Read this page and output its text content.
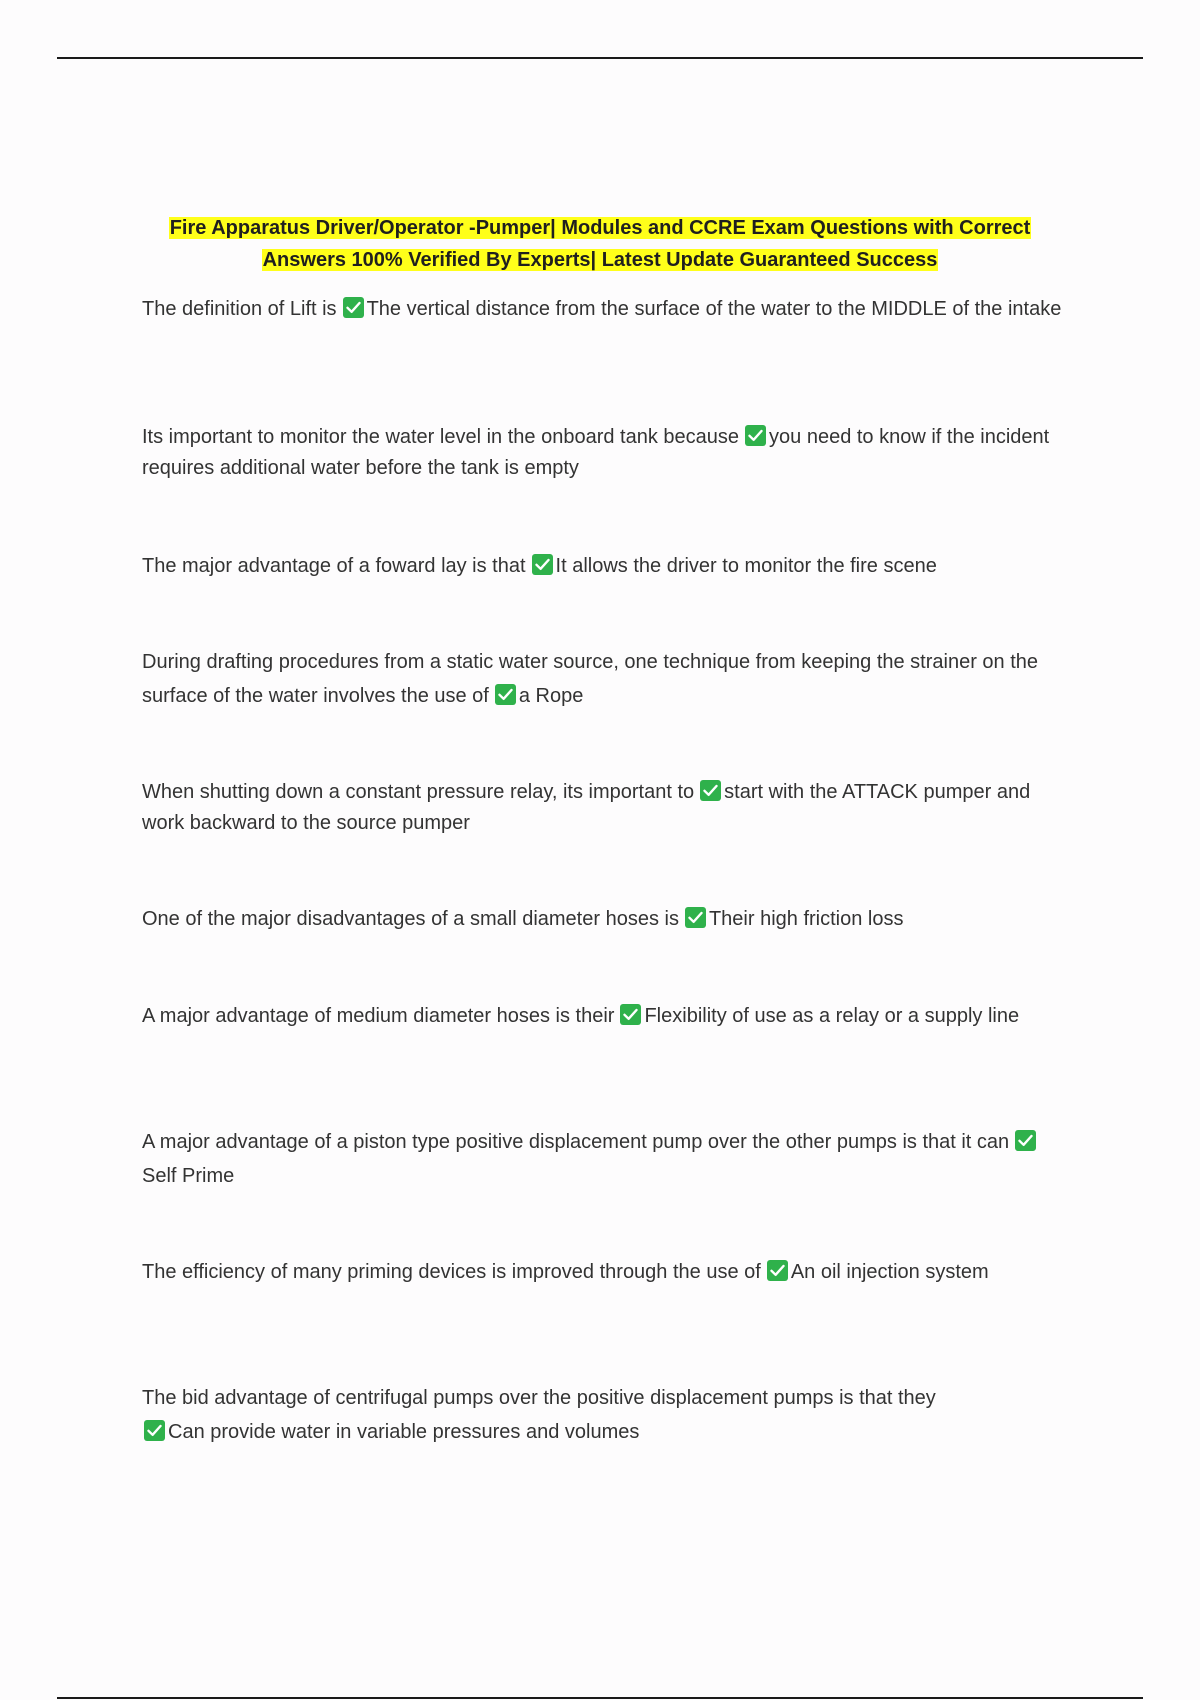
Fire Apparatus Driver/Operator -Pumper| Modules and CCRE Exam Questions with Correct
Answers 100% Verified By Experts| Latest Update Guaranteed Success

The definition of Lift is The vertical distance from the surface of the water to the MIDDLE of the intake

Its important to monitor the water level in the onboard tank because you need to know if the incident requires additional water before the tank is empty

The major advantage of a foward lay is that It allows the driver to monitor the fire scene

During drafting procedures from a static water source, one technique from keeping the strainer on the surface of the water involves the use of a Rope

When shutting down a constant pressure relay, its important to start with the ATTACK pumper and work backward to the source pumper

One of the major disadvantages of a small diameter hoses is Their high friction loss

A major advantage of medium diameter hoses is their Flexibility of use as a relay or a supply line

A major advantage of a piston type positive displacement pump over the other pumps is that it can
Self Prime

The efficiency of many priming devices is improved through the use of An oil injection system

The bid advantage of centrifugal pumps over the positive displacement pumps is that they

Can provide water in variable pressures and volumes
